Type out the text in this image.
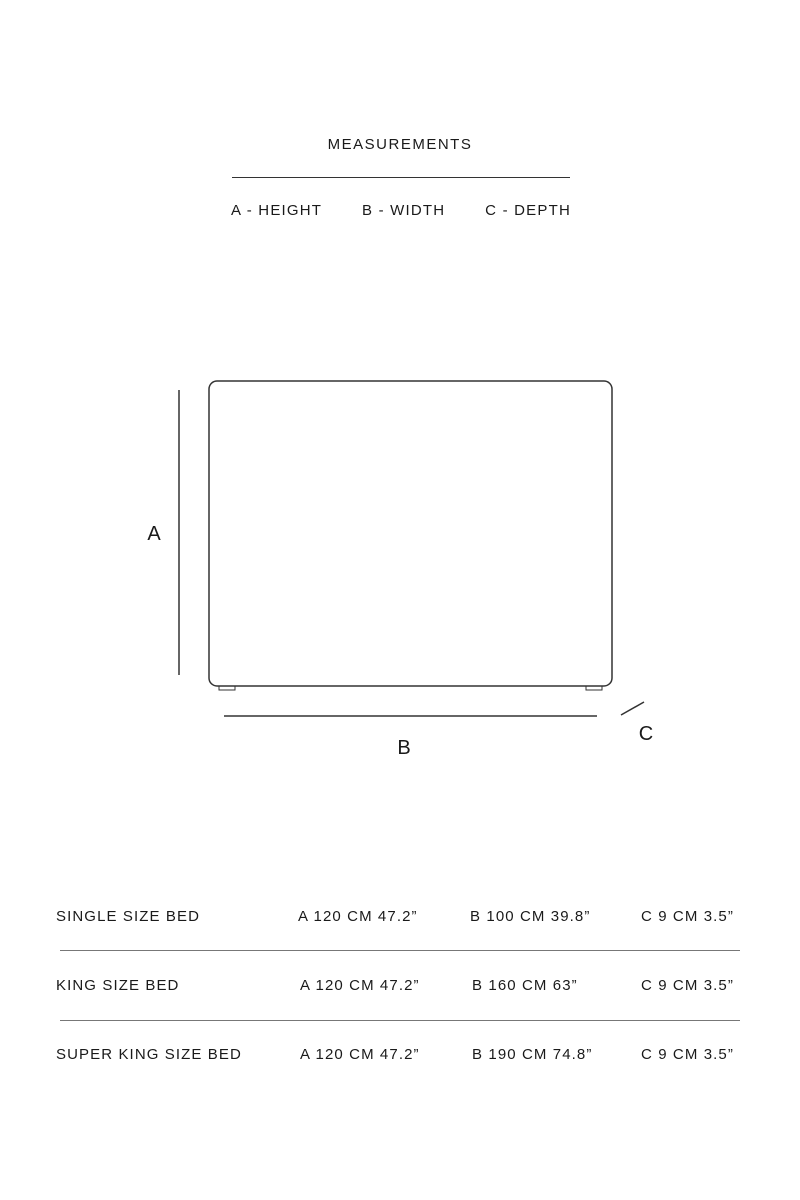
MEASUREMENTS
A - HEIGHT	B - WIDTH	C - DEPTH
A
B
C
SINGLE SIZE BED	A 120 CM 47.2”	B 100 CM 39.8”	C 9 CM 3.5”
KING SIZE BED	A 120 CM 47.2”	B 160 CM 63”	C 9 CM 3.5”
SUPER KING SIZE BED	A 120 CM 47.2”	B 190 CM 74.8”	C 9 CM 3.5”
